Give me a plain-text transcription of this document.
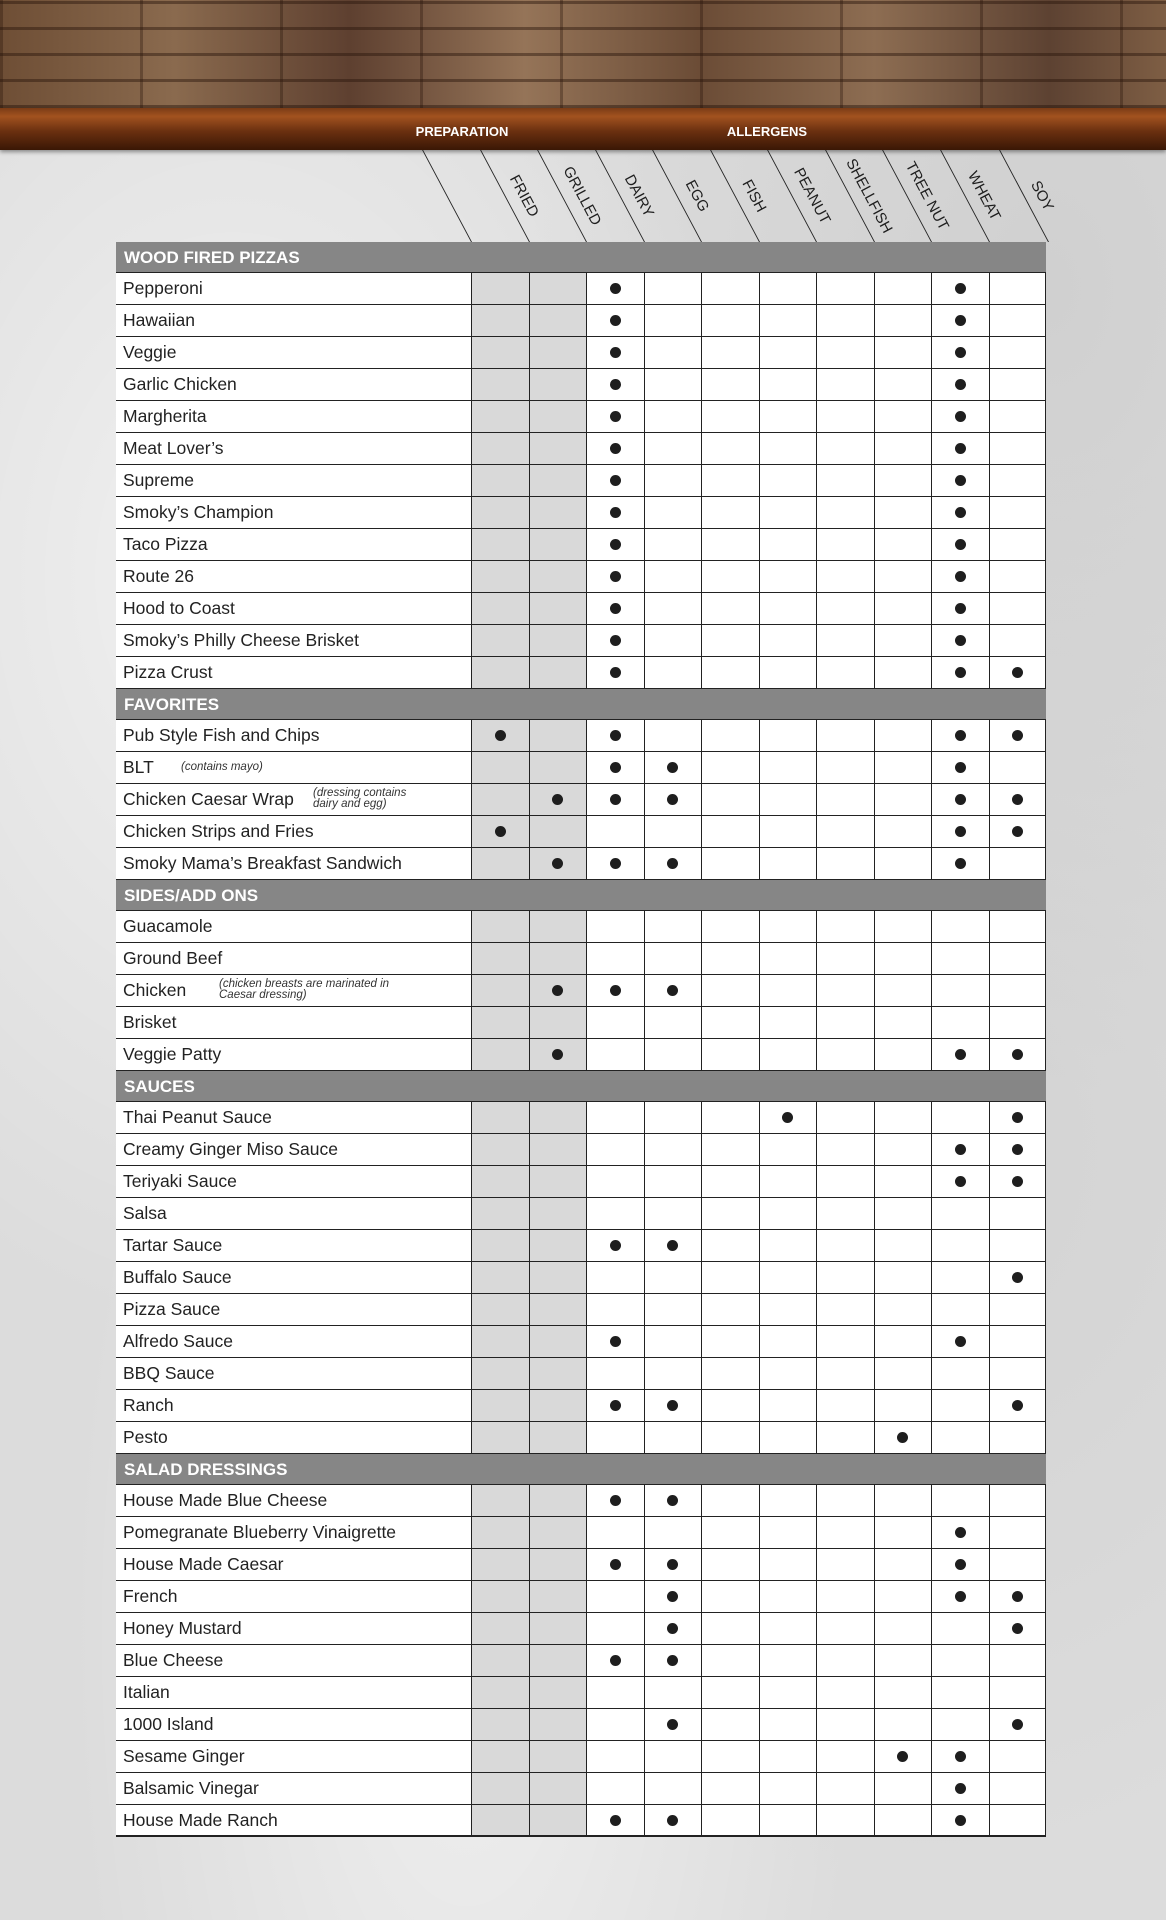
PREPARATION	ALLERGENS
FRIED GRILLED DAIRY EGG FISH PEANUT SHELLFISH TREE NUT WHEAT SOY
WOOD FIRED PIZZAS
Pepperoni
Hawaiian
Veggie
Garlic Chicken
Margherita
Meat Lover’s
Supreme
Smoky’s Champion
Taco Pizza
Route 26
Hood to Coast
Smoky’s Philly Cheese Brisket
Pizza Crust
FAVORITES
Pub Style Fish and Chips
BLT (contains mayo)
Chicken Caesar Wrap (dressing contains dairy and egg)
Chicken Strips and Fries
Smoky Mama’s Breakfast Sandwich
SIDES/ADD ONS
Guacamole
Ground Beef
Chicken	(chicken breasts are marinated in Caesar dressing)
Brisket
Veggie Patty
SAUCES
Thai Peanut Sauce
Creamy Ginger Miso Sauce
Teriyaki Sauce
Salsa
Tartar Sauce
Buffalo Sauce
Pizza Sauce
Alfredo Sauce
BBQ Sauce
Ranch
Pesto
SALAD DRESSINGS
House Made Blue Cheese
Pomegranate Blueberry Vinaigrette
House Made Caesar
French
Honey Mustard
Blue Cheese
Italian
1000 Island
Sesame Ginger
Balsamic Vinegar
House Made Ranch
